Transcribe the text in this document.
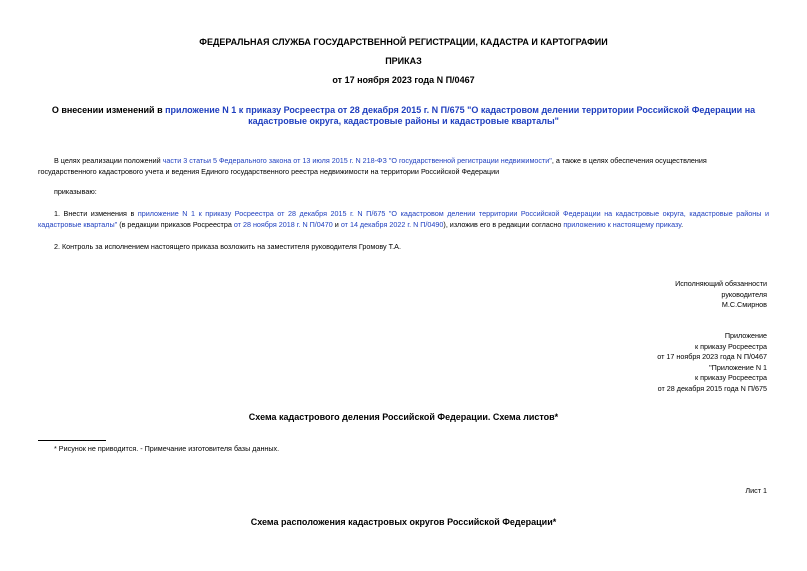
ФЕДЕРАЛЬНАЯ СЛУЖБА ГОСУДАРСТВЕННОЙ РЕГИСТРАЦИИ, КАДАСТРА И КАРТОГРАФИИ
ПРИКАЗ
от 17 ноября 2023 года N П/0467
О внесении изменений в приложение N 1 к приказу Росреестра от 28 декабря 2015 г. N П/675 "О кадастровом делении территории Российской Федерации на кадастровые округа, кадастровые районы и кадастровые кварталы"
В целях реализации положений части 3 статьи 5 Федерального закона от 13 июля 2015 г. N 218-ФЗ "О государственной регистрации недвижимости", а также в целях обеспечения осуществления государственного кадастрового учета и ведения Единого государственного реестра недвижимости на территории Российской Федерации
приказываю:
1. Внести изменения в приложение N 1 к приказу Росреестра от 28 декабря 2015 г. N П/675 "О кадастровом делении территории Российской Федерации на кадастровые округа, кадастровые районы и кадастровые кварталы" (в редакции приказов Росреестра от 28 ноября 2018 г. N П/0470 и от 14 декабря 2022 г. N П/0490), изложив его в редакции согласно приложению к настоящему приказу.
2. Контроль за исполнением настоящего приказа возложить на заместителя руководителя Громову Т.А.
Исполняющий обязанности
руководителя
М.С.Смирнов
Приложение
к приказу Росреестра
от 17 ноября 2023 года N П/0467
"Приложение N 1
к приказу Росреестра
от 28 декабря 2015 года N П/675
Схема кадастрового деления Российской Федерации. Схема листов*
* Рисунок не приводится. - Примечание изготовителя базы данных.
Лист 1
Схема расположения кадастровых округов Российской Федерации*
